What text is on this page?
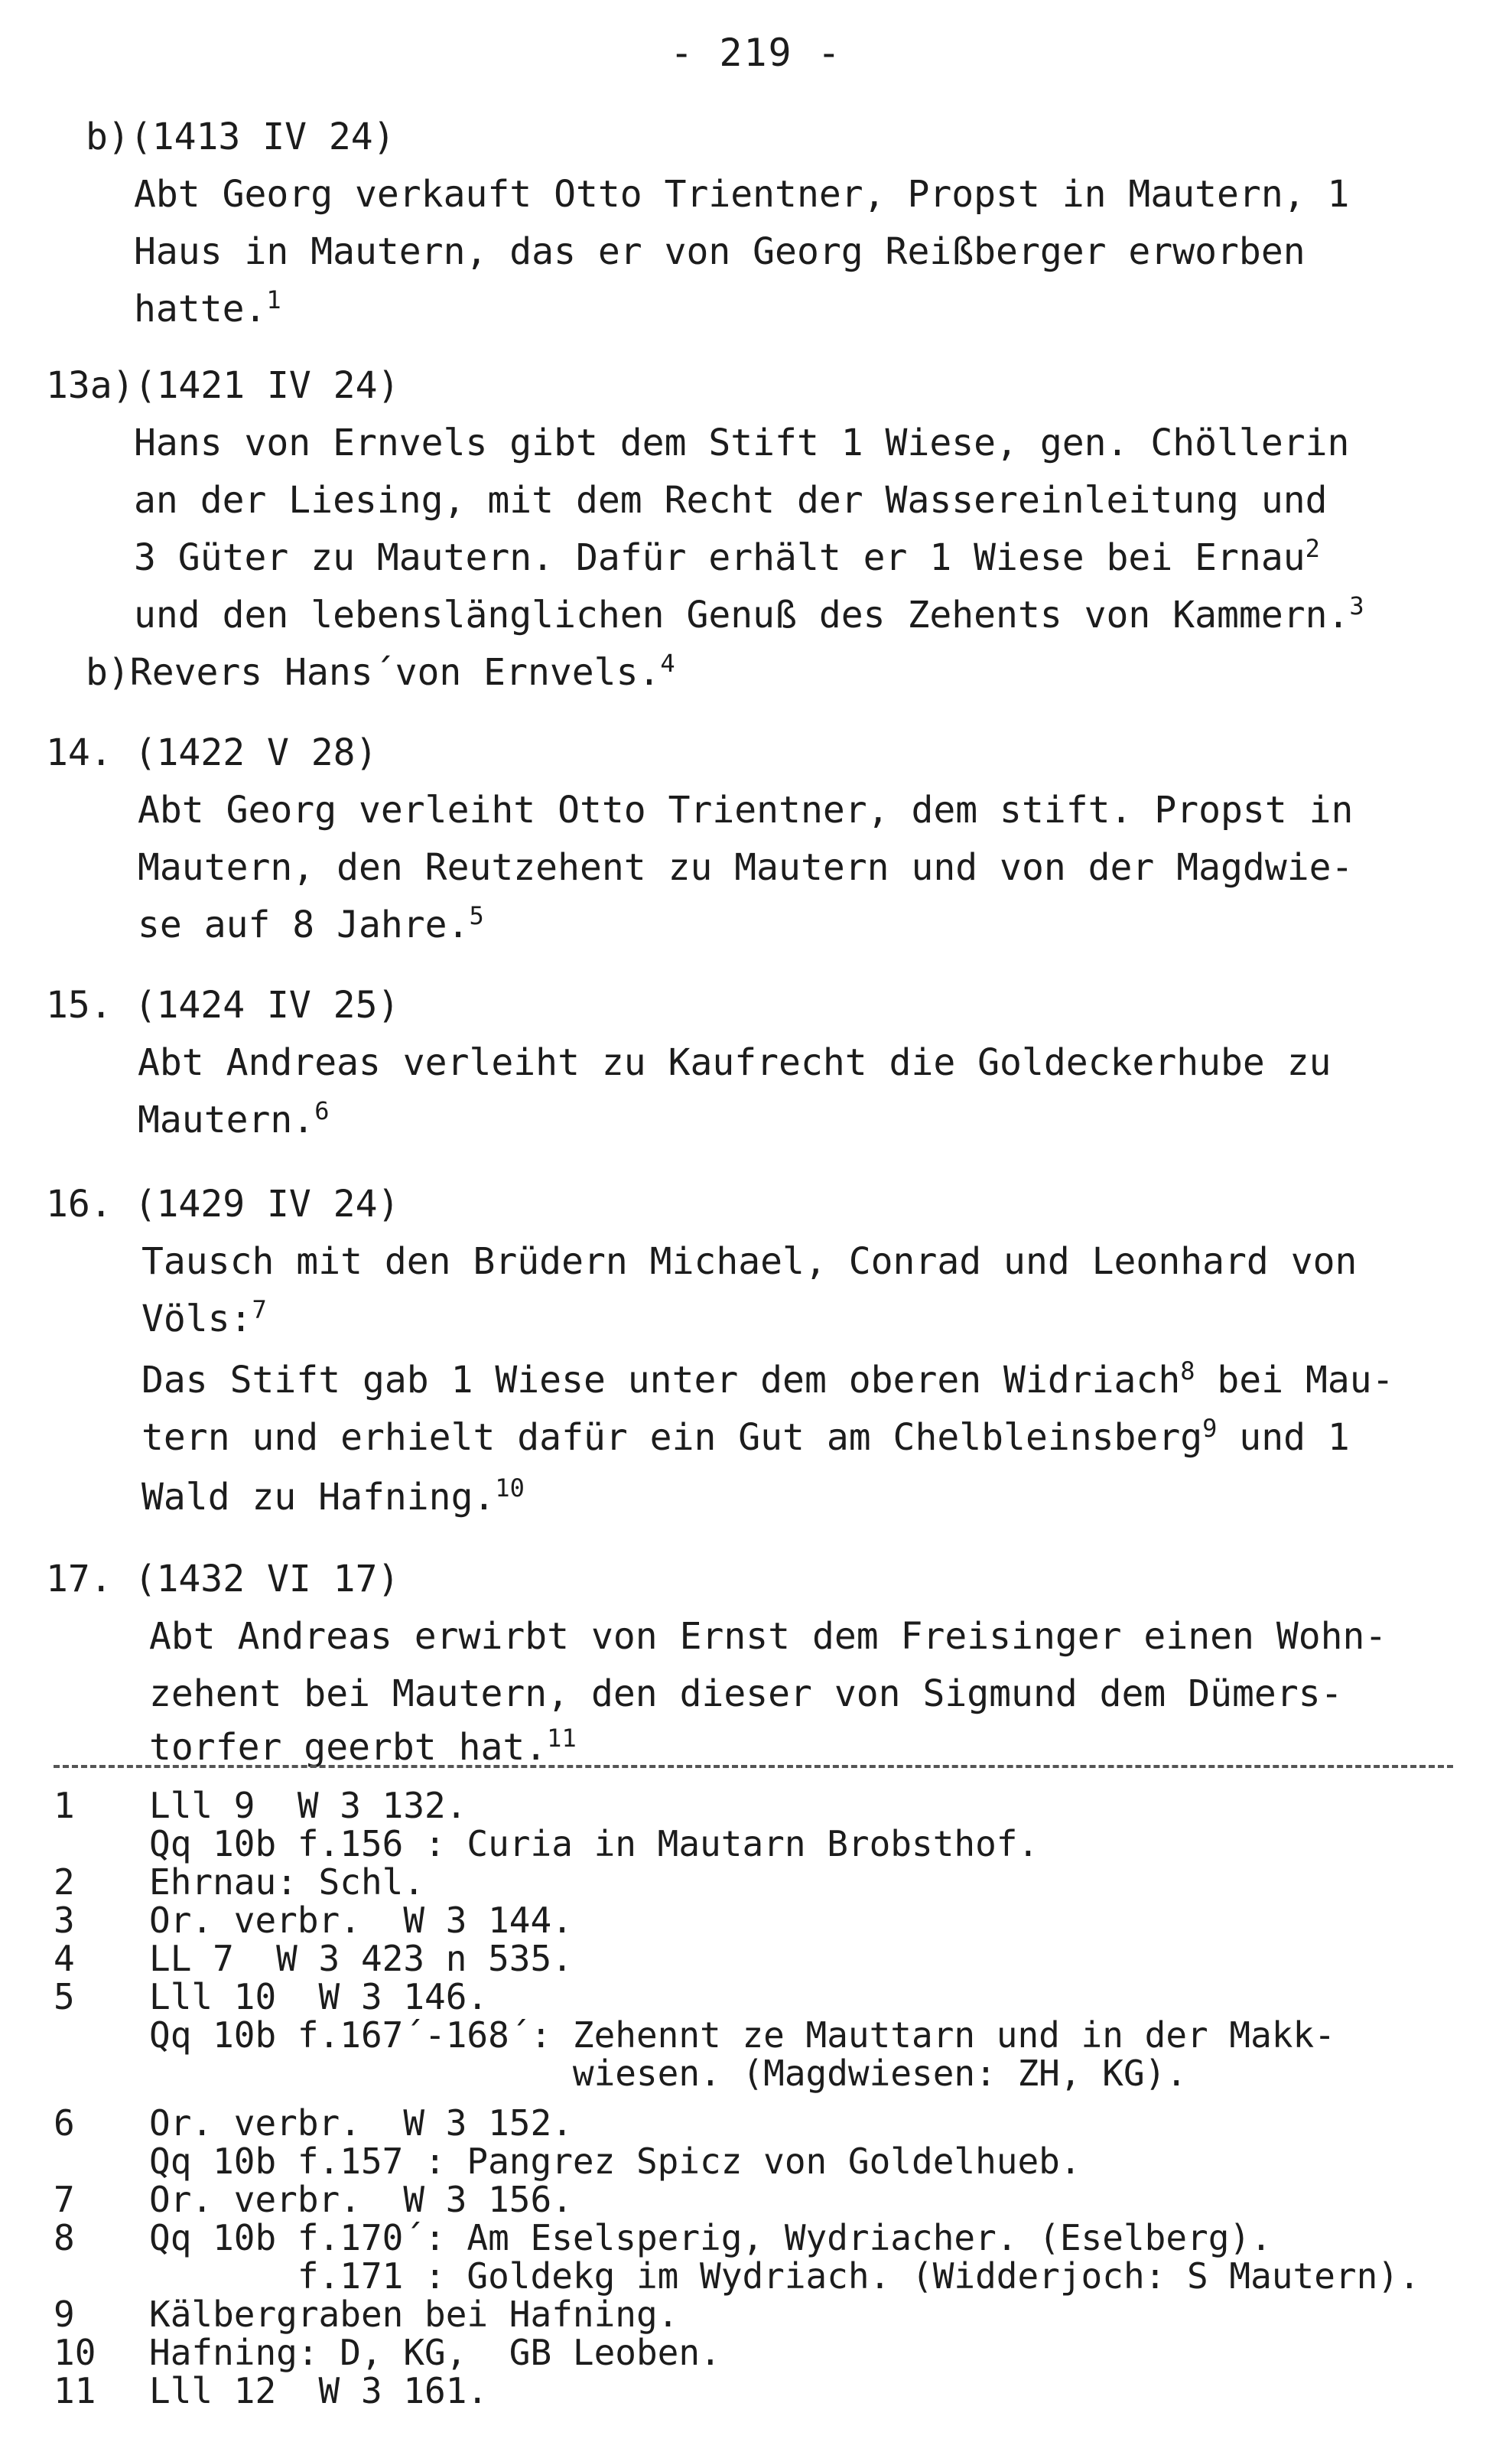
- 219 -
b)(1413 IV 24)
Abt Georg verkauft Otto Trientner, Propst in Mautern, 1
Haus in Mautern, das er von Georg Reißberger erworben
hatte.$^1$
13a)(1421 IV 24)
Hans von Ernvels gibt dem Stift 1 Wiese, gen. Chöllerin
an der Liesing, mit dem Recht der Wassereinleitung und
3 Güter zu Mautern. Dafür erhält er 1 Wiese bei Ernau$^2$
und den lebenslänglichen Genuß des Zehents von Kammern.$^3$
b)Revers Hans´von Ernvels.$^4$
14. (1422 V 28)
Abt Georg verleiht Otto Trientner, dem stift. Propst in
Mautern, den Reutzehent zu Mautern und von der Magdwie-
se auf 8 Jahre.$^5$
15. (1424 IV 25)
Abt Andreas verleiht zu Kaufrecht die Goldeckerhube zu
Mautern.$^6$
16. (1429 IV 24)
Tausch mit den Brüdern Michael, Conrad und Leonhard von
Völs:$^7$
Das Stift gab 1 Wiese unter dem oberen Widriach$^8$ bei Mau-
tern und erhielt dafür ein Gut am Chelbleinsberg$^9$ und 1
Wald zu Hafning.$^{10}$
17. (1432 VI 17)
Abt Andreas erwirbt von Ernst dem Freisinger einen Wohn-
zehent bei Mautern, den dieser von Sigmund dem Dümers-
torfer geerbt hat.$^{11}$
1 Lll 9  W 3 132.
Qq 10b f.156 : Curia in Mautarn Brobsthof.
2 Ehrnau: Schl.
3 Or. verbr.  W 3 144.
4 LL 7  W 3 423 n 535.
5 Lll 10  W 3 146.
Qq 10b f.167´-168´: Zehennt ze Mauttarn und in der Makk-
wiesen. (Magdwiesen: ZH, KG).
6 Or. verbr.  W 3 152.
Qq 10b f.157 : Pangrez Spicz von Goldelhueb.
7 Or. verbr.  W 3 156.
8 Qq 10b f.170´: Am Eselsperig, Wydriacher. (Eselberg).
f.171 : Goldekg im Wydriach. (Widderjoch: S Mautern).
9 Kälbergraben bei Hafning.
10 Hafning: D, KG,  GB Leoben.
11 Lll 12  W 3 161.
